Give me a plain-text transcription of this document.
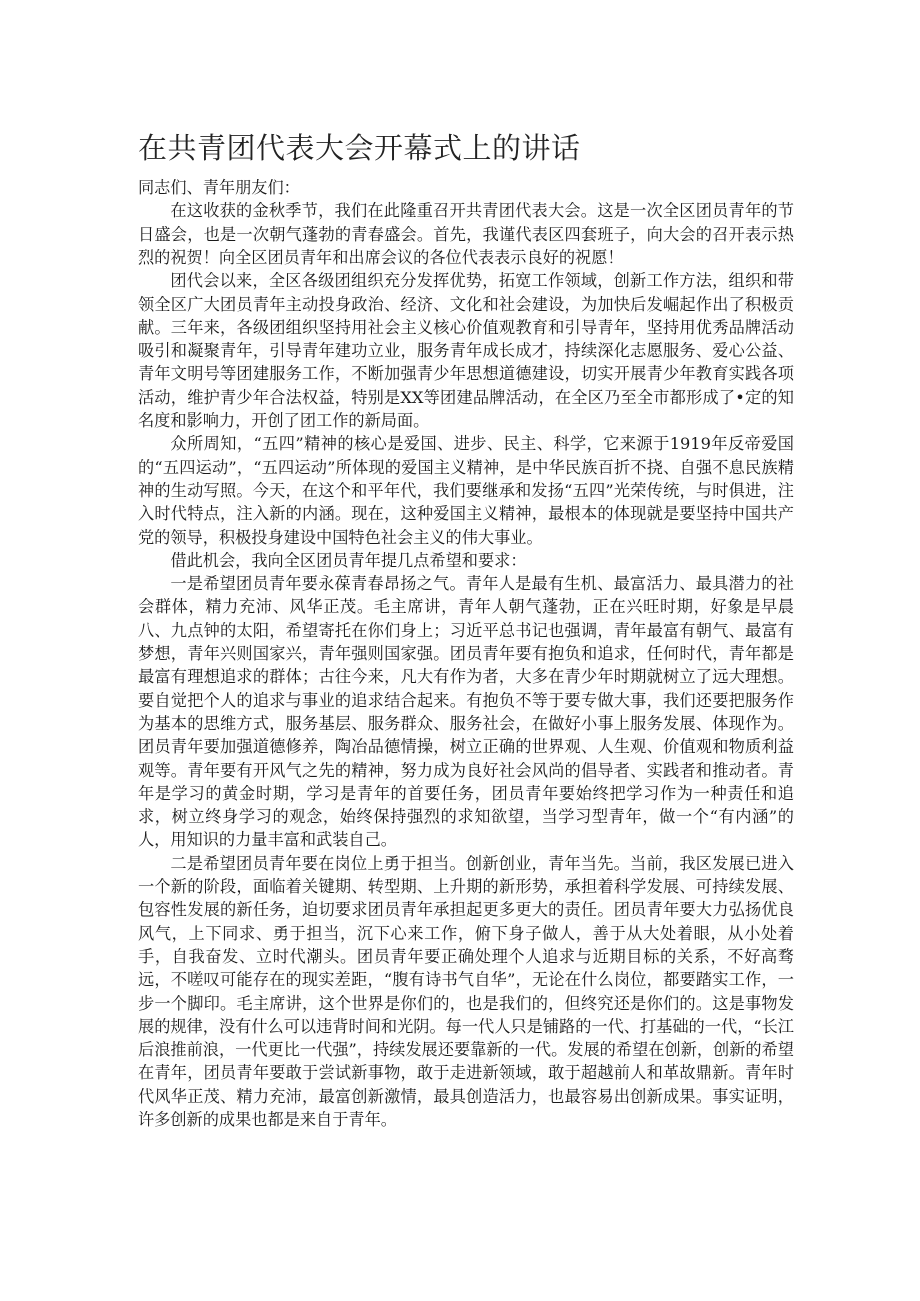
在共青团代表大会开幕式上的讲话

同志们、青年朋友们：

在这收获的金秋季节，我们在此隆重召开共青团代表大会。这是一次全区团员青年的节日盛会，也是一次朝气蓬勃的青春盛会。首先，我谨代表区四套班子，向大会的召开表示热烈的祝贺！向全区团员青年和出席会议的各位代表表示良好的祝愿！

团代会以来，全区各级团组织充分发挥优势，拓宽工作领域，创新工作方法，组织和带领全区广大团员青年主动投身政治、经济、文化和社会建设，为加快后发崛起作出了积极贡献。三年来，各级团组织坚持用社会主义核心价值观教育和引导青年，坚持用优秀品牌活动吸引和凝聚青年，引导青年建功立业，服务青年成长成才，持续深化志愿服务、爱心公益、青年文明号等团建服务工作，不断加强青少年思想道德建设，切实开展青少年教育实践各项活动，维护青少年合法权益，特别是XX等团建品牌活动，在全区乃至全市都形成了•定的知名度和影响力，开创了团工作的新局面。

众所周知，“五四”精神的核心是爱国、进步、民主、科学，它来源于1919年反帝爱国的“五四运动”，“五四运动”所体现的爱国主义精神，是中华民族百折不挠、自强不息民族精神的生动写照。今天，在这个和平年代，我们要继承和发扬“五四”光荣传统，与时俱进，注入时代特点，注入新的内涵。现在，这种爱国主义精神，最根本的体现就是要坚持中国共产党的领导，积极投身建设中国特色社会主义的伟大事业。

借此机会，我向全区团员青年提几点希望和要求：

一是希望团员青年要永葆青春昂扬之气。青年人是最有生机、最富活力、最具潜力的社会群体，精力充沛、风华正茂。毛主席讲，青年人朝气蓬勃，正在兴旺时期，好象是早晨八、九点钟的太阳，希望寄托在你们身上；习近平总书记也强调，青年最富有朝气、最富有梦想，青年兴则国家兴，青年强则国家强。团员青年要有抱负和追求，任何时代，青年都是最富有理想追求的群体；古往今来，凡大有作为者，大多在青少年时期就树立了远大理想。要自觉把个人的追求与事业的追求结合起来。有抱负不等于要专做大事，我们还要把服务作为基本的思维方式，服务基层、服务群众、服务社会，在做好小事上服务发展、体现作为。团员青年要加强道德修养，陶冶品德情操，树立正确的世界观、人生观、价值观和物质利益观等。青年要有开风气之先的精神，努力成为良好社会风尚的倡导者、实践者和推动者。青年是学习的黄金时期，学习是青年的首要任务，团员青年要始终把学习作为一种责任和追求，树立终身学习的观念，始终保持强烈的求知欲望，当学习型青年，做一个“有内涵”的人，用知识的力量丰富和武装自己。

二是希望团员青年要在岗位上勇于担当。创新创业，青年当先。当前，我区发展已进入一个新的阶段，面临着关键期、转型期、上升期的新形势，承担着科学发展、可持续发展、包容性发展的新任务，迫切要求团员青年承担起更多更大的责任。团员青年要大力弘扬优良风气，上下同求、勇于担当，沉下心来工作，俯下身子做人，善于从大处着眼，从小处着手，自我奋发、立时代潮头。团员青年要正确处理个人追求与近期目标的关系，不好高骛远，不嗟叹可能存在的现实差距，“腹有诗书气自华”，无论在什么岗位，都要踏实工作，一步一个脚印。毛主席讲，这个世界是你们的，也是我们的，但终究还是你们的。这是事物发展的规律，没有什么可以违背时间和光阴。每一代人只是铺路的一代、打基础的一代，“长江后浪推前浪，一代更比一代强”，持续发展还要靠新的一代。发展的希望在创新，创新的希望在青年，团员青年要敢于尝试新事物，敢于走进新领域，敢于超越前人和革故鼎新。青年时代风华正茂、精力充沛，最富创新激情，最具创造活力，也最容易出创新成果。事实证明，许多创新的成果也都是来自于青年。
